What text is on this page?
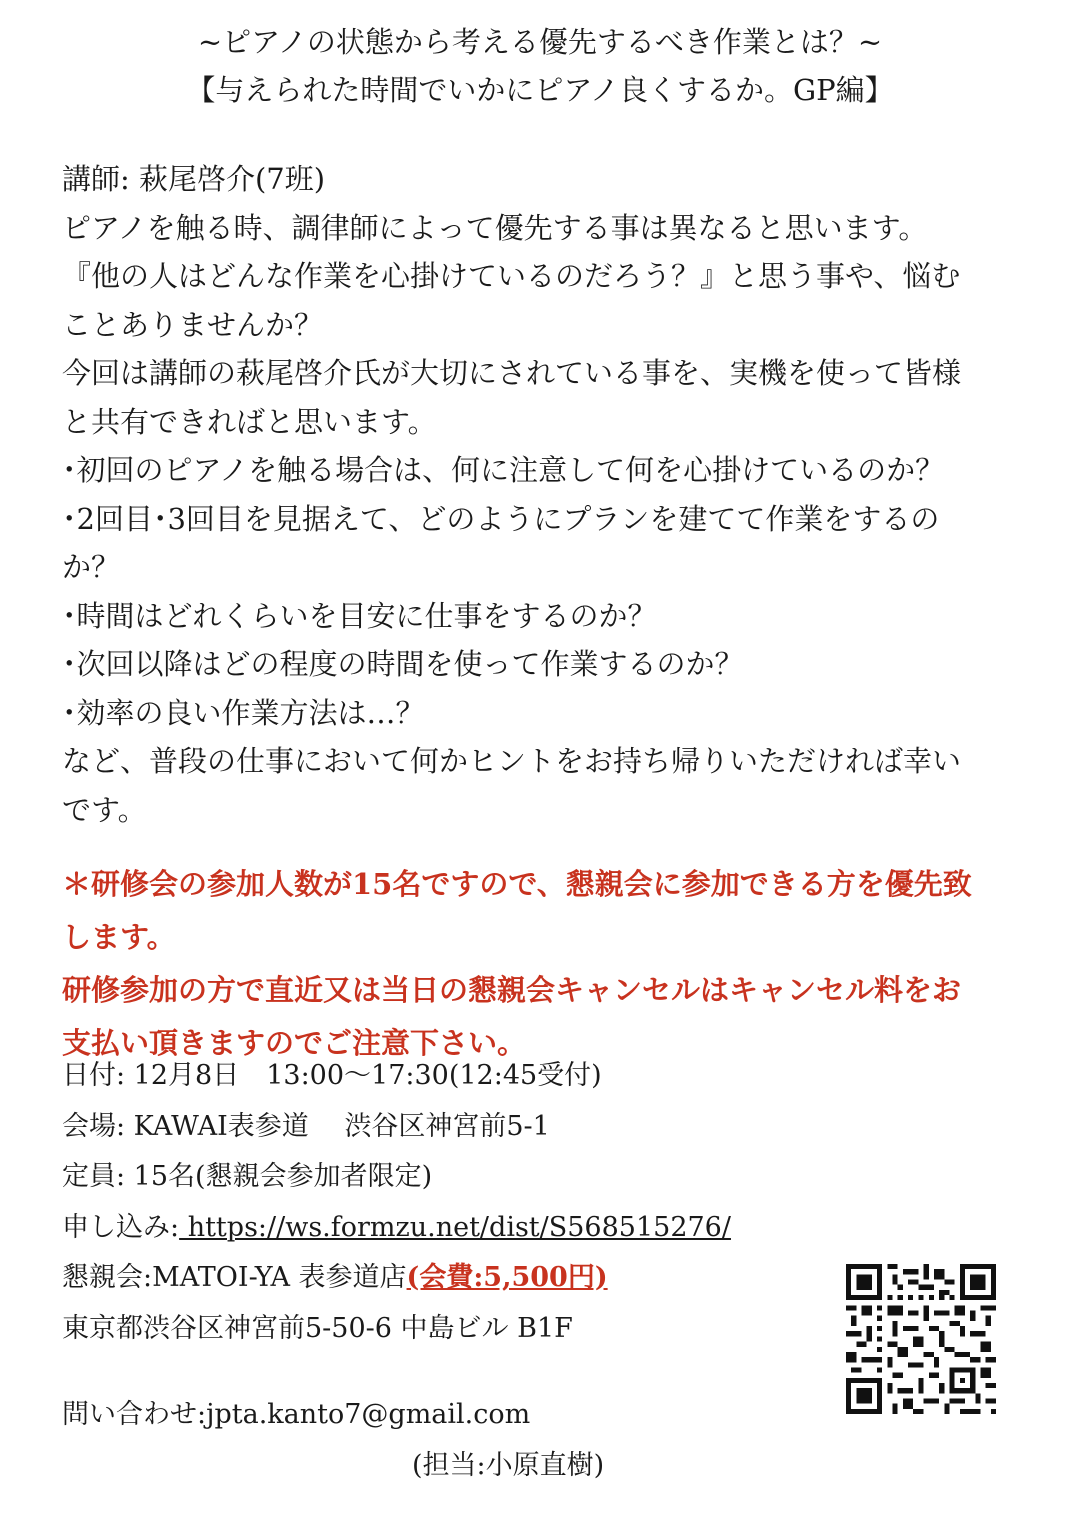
~ピアノの状態から考える優先するべき作業とは？~
【与えられた時間でいかにピアノ良くするか。GP編】
講師: 萩尾啓介(7班)
ピアノを触る時、調律師によって優先する事は異なると思います。
『他の人はどんな作業を心掛けているのだろう？』と思う事や、悩む
ことありませんか？
今回は講師の萩尾啓介氏が大切にされている事を、実機を使って皆様
と共有できればと思います。
･初回のピアノを触る場合は、何に注意して何を心掛けているのか？
･2回目･3回目を見据えて、どのようにプランを建てて作業をするの
か？
･時間はどれくらいを目安に仕事をするのか？
･次回以降はどの程度の時間を使って作業するのか？
･効率の良い作業方法は…？
など、普段の仕事において何かヒントをお持ち帰りいただければ幸い
です。
＊研修会の参加人数が15名ですので、懇親会に参加できる方を優先致
します。
研修参加の方で直近又は当日の懇親会キャンセルはキャンセル料をお
支払い頂きますのでご注意下さい。
日付: 12月8日　13:00〜17:30(12:45受付)
会場: KAWAI表参道　 渋谷区神宮前5-1
定員: 15名(懇親会参加者限定)
申し込み: https://ws.formzu.net/dist/S568515276/
懇親会:MATOI-YA 表参道店(会費:5,500円)
東京都渋谷区神宮前5-50-6 中島ビル B1F
問い合わせ:jpta.kanto7@gmail.com
(担当:小原直樹)
